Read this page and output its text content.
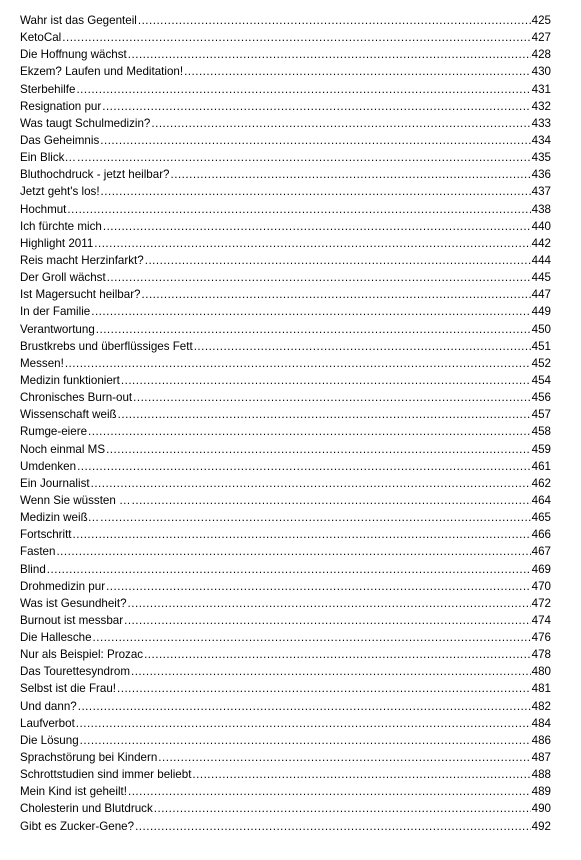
Wahr ist das Gegenteil .....	425
KetoCal .....	427
Die Hoffnung wächst .....	428
Ekzem? Laufen und Meditation! .....	430
Sterbehilfe .....	431
Resignation pur .....	432
Was taugt Schulmedizin? .....	433
Das Geheimnis .....	434
Ein Blick… .....	435
Bluthochdruck - jetzt heilbar? .....	436
Jetzt geht's los! .....	437
Hochmut .....	438
Ich fürchte mich .....	440
Highlight 2011 .....	442
Reis macht Herzinfarkt? .....	444
Der Groll wächst .....	445
Ist Magersucht heilbar? .....	447
In der Familie .....	449
Verantwortung .....	450
Brustkrebs und überflüssiges Fett .....	451
Messen! .....	452
Medizin funktioniert .....	454
Chronisches Burn-out .....	456
Wissenschaft weiß .....	457
Rumge-eiere .....	458
Noch einmal MS .....	459
Umdenken .....	461
Ein Journalist .....	462
Wenn Sie wüssten … .....	464
Medizin weiß… .....	465
Fortschritt .....	466
Fasten .....	467
Blind .....	469
Drohmedizin pur .....	470
Was ist Gesundheit? .....	472
Burnout ist messbar .....	474
Die Hallesche .....	476
Nur als Beispiel: Prozac .....	478
Das Tourettesyndrom .....	480
Selbst ist die Frau! .....	481
Und dann? .....	482
Laufverbot .....	484
Die Lösung .....	486
Sprachstörung bei Kindern .....	487
Schrottstudien sind immer beliebt .....	488
Mein Kind ist geheilt! .....	489
Cholesterin und Blutdruck .....	490
Gibt es Zucker-Gene? .....	492
